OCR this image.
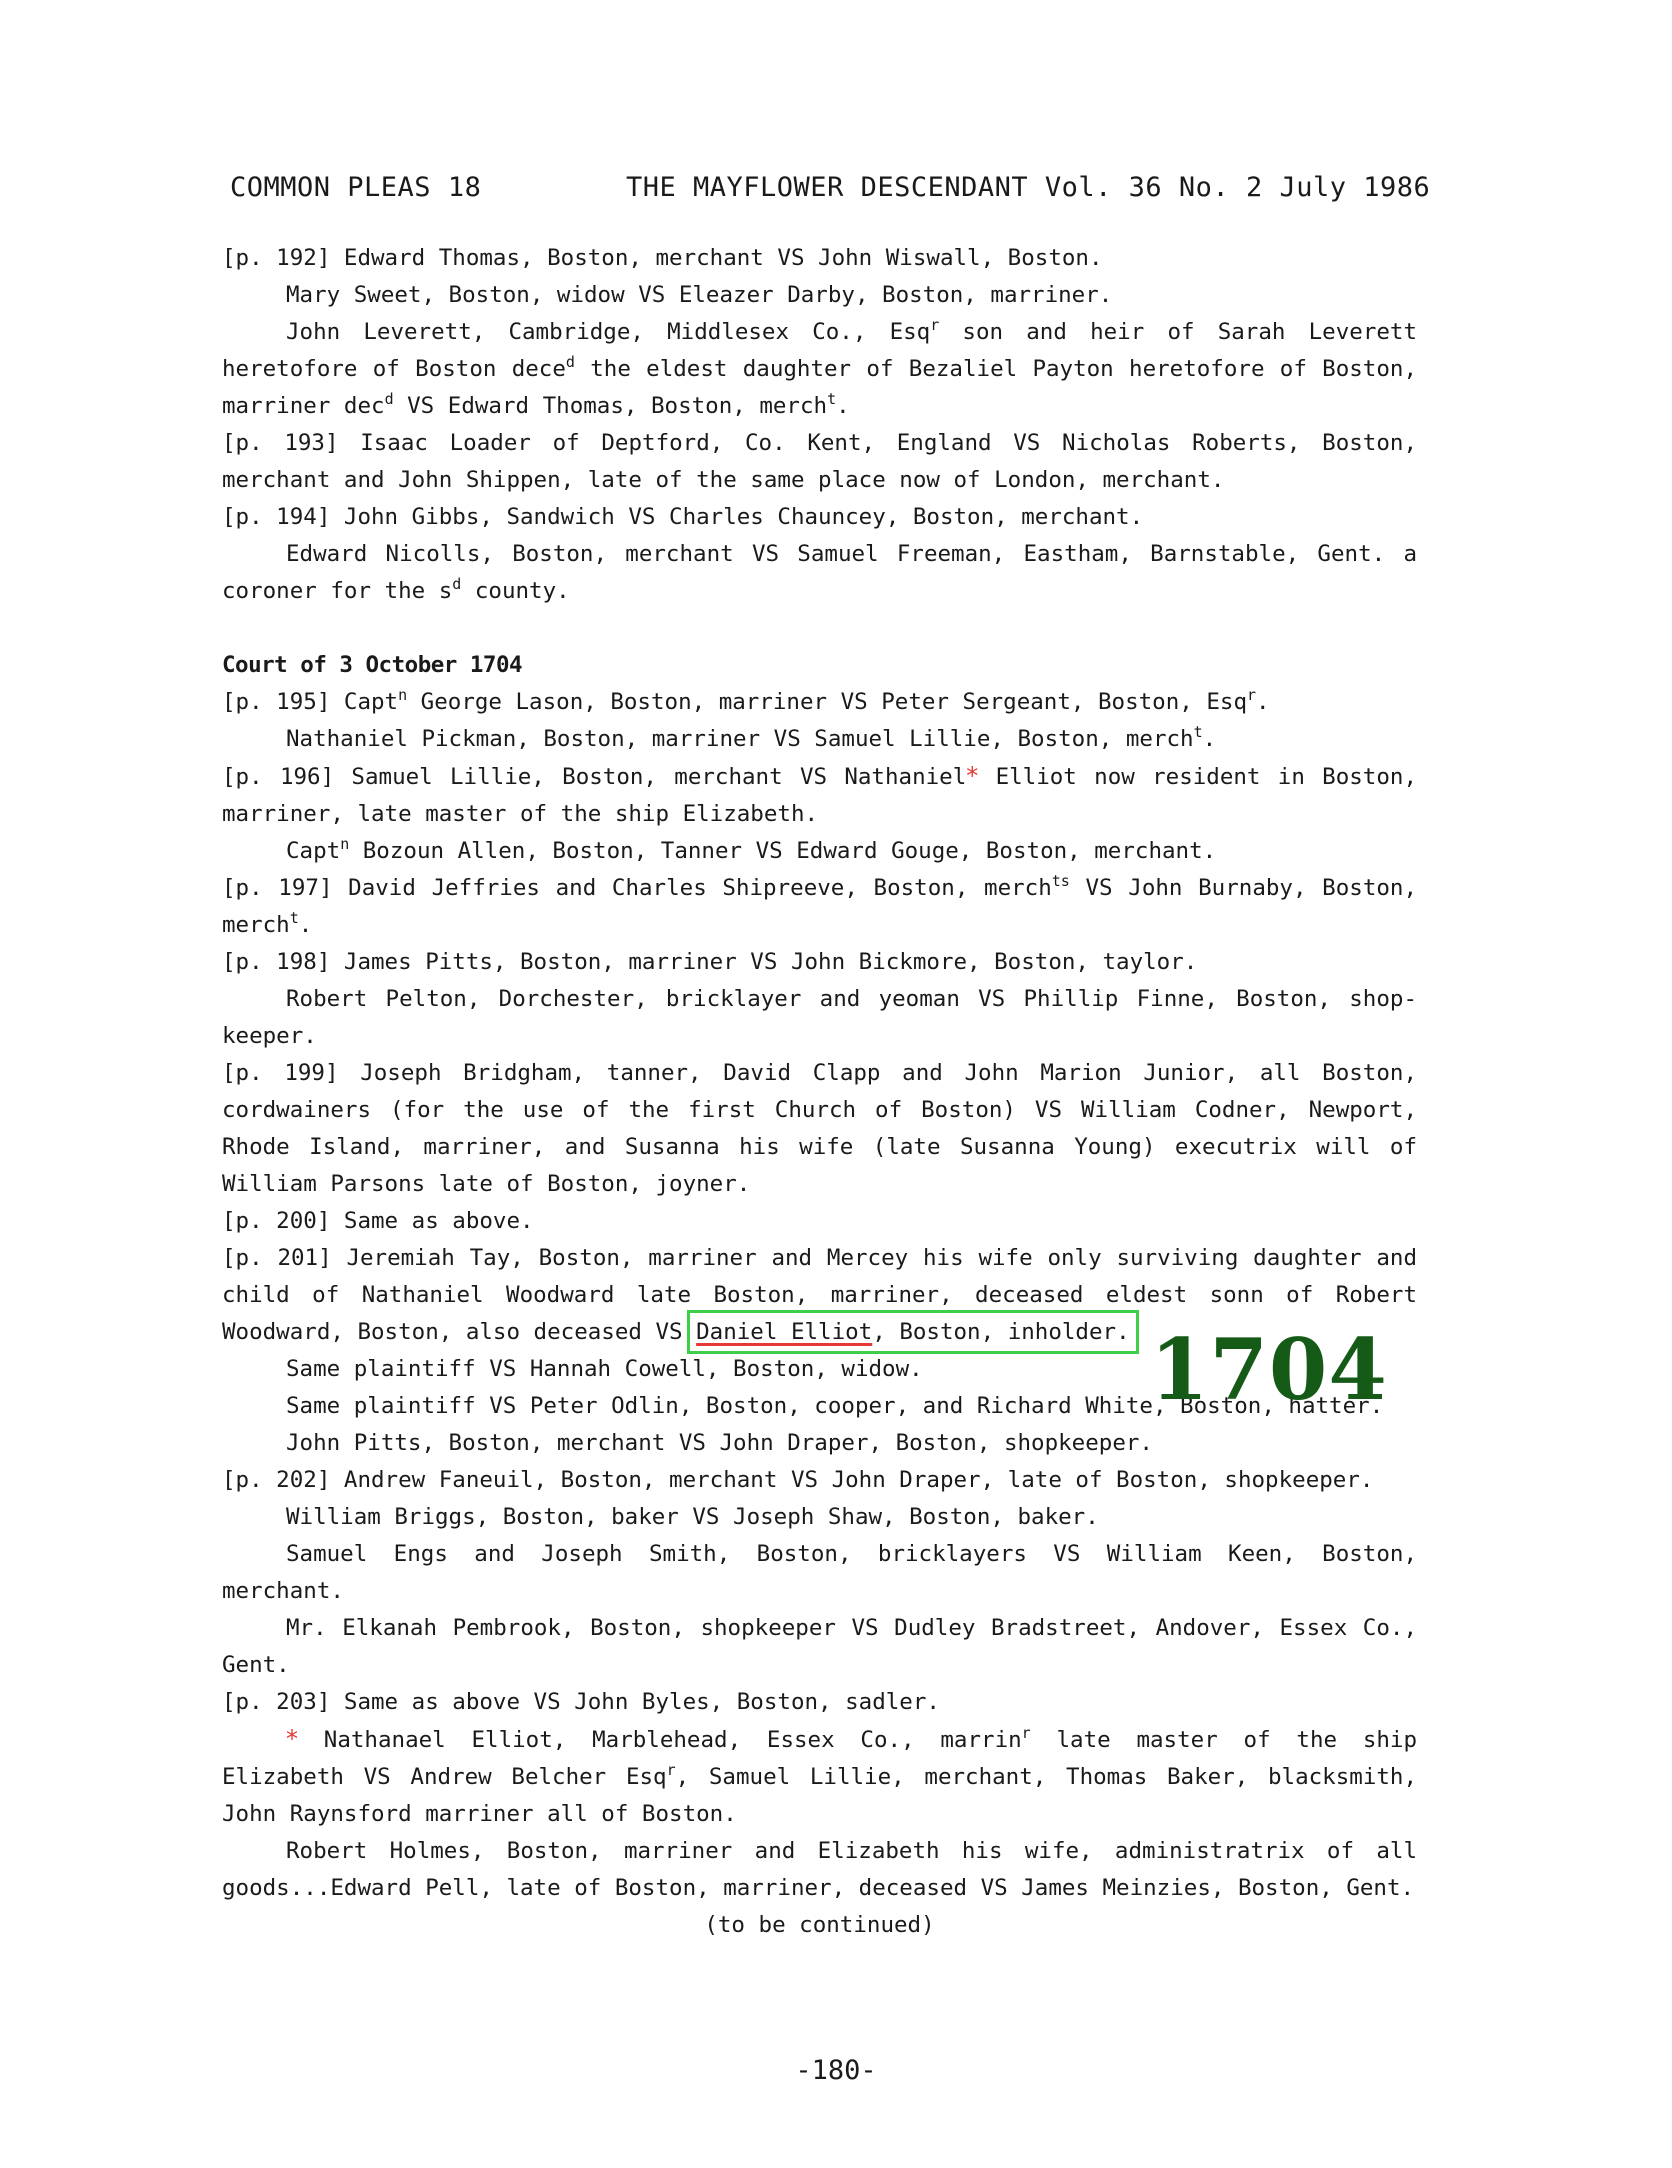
COMMON PLEAS 18	THE MAYFLOWER DESCENDANT Vol. 36 No. 2 July 1986

[p. 192] Edward Thomas, Boston, merchant VS John Wiswall, Boston.

Mary Sweet, Boston, widow VS Eleazer Darby, Boston, marriner.

John Leverett, Cambridge, Middlesex Co., Esq$^r$ son and heir of Sarah Leverett heretofore of Boston dece$^d$ the eldest daughter of Bezaliel Payton heretofore of Boston, marriner dec$^d$ VS Edward Thomas, Boston, merch$^t$.

[p. 193] Isaac Loader of Deptford, Co. Kent, England VS Nicholas Roberts, Boston, merchant and John Shippen, late of the same place now of London, merchant.

[p. 194] John Gibbs, Sandwich VS Charles Chauncey, Boston, merchant.

Edward Nicolls, Boston, merchant VS Samuel Freeman, Eastham, Barnstable, Gent. a coroner for the $s^d$ county.

Court of 3 October 1704

[p. 195] Capt$^n$ George Lason, Boston, marriner VS Peter Sergeant, Boston, Esq$^r$.

Nathaniel Pickman, Boston, marriner VS Samuel Lillie, Boston, merch$^t$.

[p. 196] Samuel Lillie, Boston, merchant VS Nathaniel* Elliot now resident in Boston, marriner, late master of the ship Elizabeth.

Capt$^n$ Bozoun Allen, Boston, Tanner VS Edward Gouge, Boston, merchant.

[p. 197] David Jeffries and Charles Shipreeve, Boston, merch$^{ts}$ VS John Burnaby, Boston, merch$^t$.

[p. 198] James Pitts, Boston, marriner VS John Bickmore, Boston, taylor.

Robert Pelton, Dorchester, bricklayer and yeoman VS Phillip Finne, Boston, shop-keeper.

[p. 199] Joseph Bridgham, tanner, David Clapp and John Marion Junior, all Boston, cordwainers (for the use of the first Church of Boston) VS William Codner, Newport, Rhode Island, marriner, and Susanna his wife (late Susanna Young) executrix will of William Parsons late of Boston, joyner.

[p. 200] Same as above.

[p. 201] Jeremiah Tay, Boston, marriner and Mercey his wife only surviving daughter and child of Nathaniel Woodward late Boston, marriner, deceased eldest sonn of Robert Woodward, Boston, also deceased VS Daniel Elliot, Boston, inholder.

Same plaintiff VS Hannah Cowell, Boston, widow.

Same plaintiff VS Peter Odlin, Boston, cooper, and Richard White, Boston, hatter.

John Pitts, Boston, merchant VS John Draper, Boston, shopkeeper.

[p. 202] Andrew Faneuil, Boston, merchant VS John Draper, late of Boston, shopkeeper.

William Briggs, Boston, baker VS Joseph Shaw, Boston, baker.

Samuel Engs and Joseph Smith, Boston, bricklayers VS William Keen, Boston, merchant.

Mr. Elkanah Pembrook, Boston, shopkeeper VS Dudley Bradstreet, Andover, Essex Co., Gent.

[p. 203] Same as above VS John Byles, Boston, sadler.

* Nathanael Elliot, Marblehead, Essex Co., marrin$^r$ late master of the ship Elizabeth VS Andrew Belcher Esq$^r$, Samuel Lillie, merchant, Thomas Baker, blacksmith, John Raynsford marriner all of Boston.

Robert Holmes, Boston, marriner and Elizabeth his wife, administratrix of all goods...Edward Pell, late of Boston, marriner, deceased VS James Meinzies, Boston, Gent.

(to be continued)

1704
-180-
